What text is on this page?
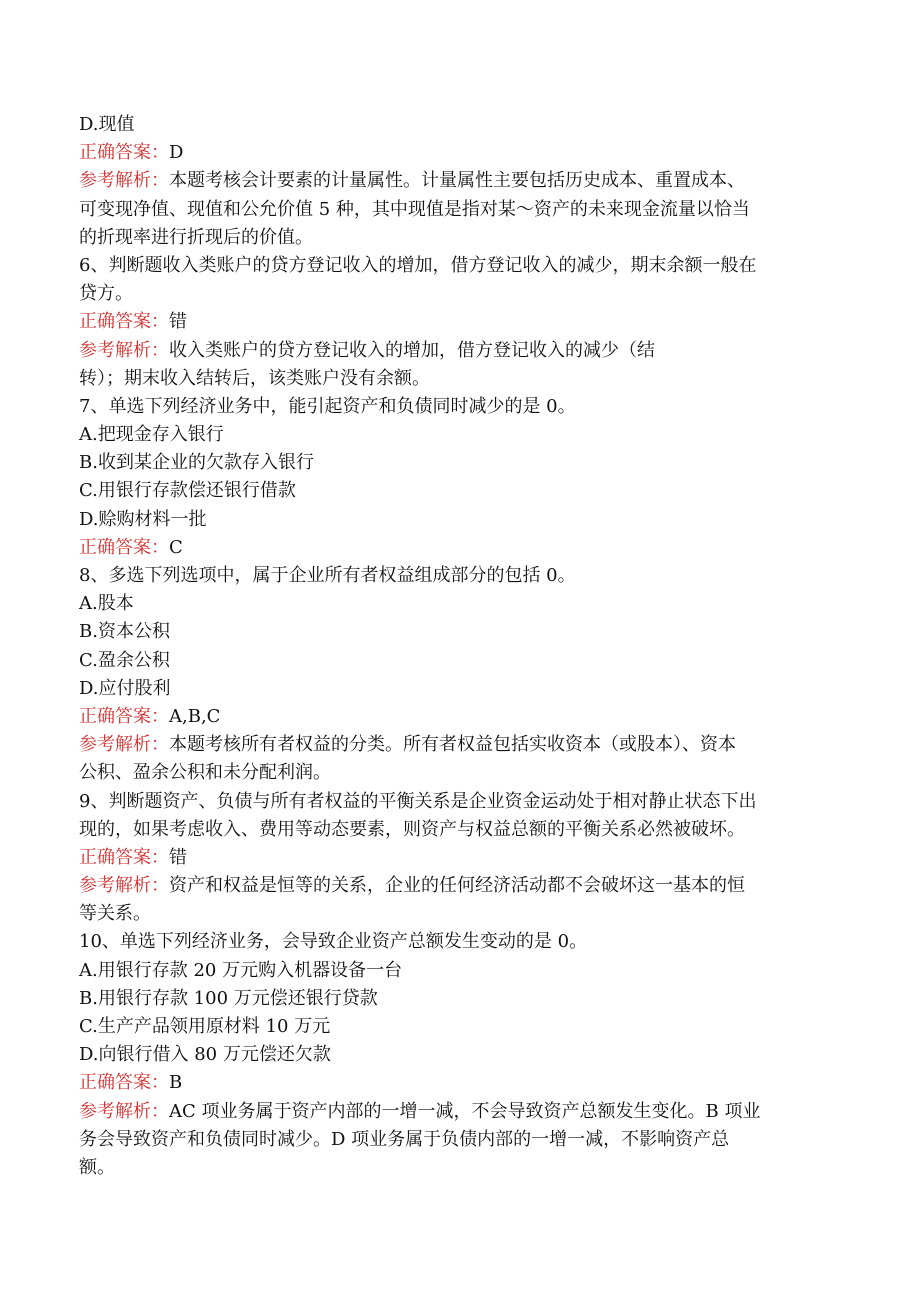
D.现值
正确答案：D
参考解析：本题考核会计要素的计量属性。计量属性主要包括历史成本、重置成本、
可变现净值、现值和公允价值 5 种，其中现值是指对某～资产的未来现金流量以恰当
的折现率进行折现后的价值。
6、判断题收入类账户的贷方登记收入的增加，借方登记收入的减少，期末余额一般在
贷方。
正确答案：错
参考解析：收入类账户的贷方登记收入的增加，借方登记收入的减少（结
转）；期末收入结转后，该类账户没有余额。
7、单选下列经济业务中，能引起资产和负债同时减少的是 0。
A.把现金存入银行
B.收到某企业的欠款存入银行
C.用银行存款偿还银行借款
D.赊购材料一批
正确答案：C
8、多选下列选项中，属于企业所有者权益组成部分的包括 0。
A.股本
B.资本公积
C.盈余公积
D.应付股利
正确答案：A,B,C
参考解析：本题考核所有者权益的分类。所有者权益包括实收资本（或股本）、资本
公积、盈余公积和未分配利润。
9、判断题资产、负债与所有者权益的平衡关系是企业资金运动处于相对静止状态下出
现的，如果考虑收入、费用等动态要素，则资产与权益总额的平衡关系必然被破坏。
正确答案：错
参考解析：资产和权益是恒等的关系，企业的任何经济活动都不会破坏这一基本的恒
等关系。
10、单选下列经济业务，会导致企业资产总额发生变动的是 0。
A.用银行存款 20 万元购入机器设备一台
B.用银行存款 100 万元偿还银行贷款
C.生产产品领用原材料 10 万元
D.向银行借入 80 万元偿还欠款
正确答案：B
参考解析：AC 项业务属于资产内部的一增一减，不会导致资产总额发生变化。B 项业
务会导致资产和负债同时减少。D 项业务属于负债内部的一增一减，不影响资产总
额。
